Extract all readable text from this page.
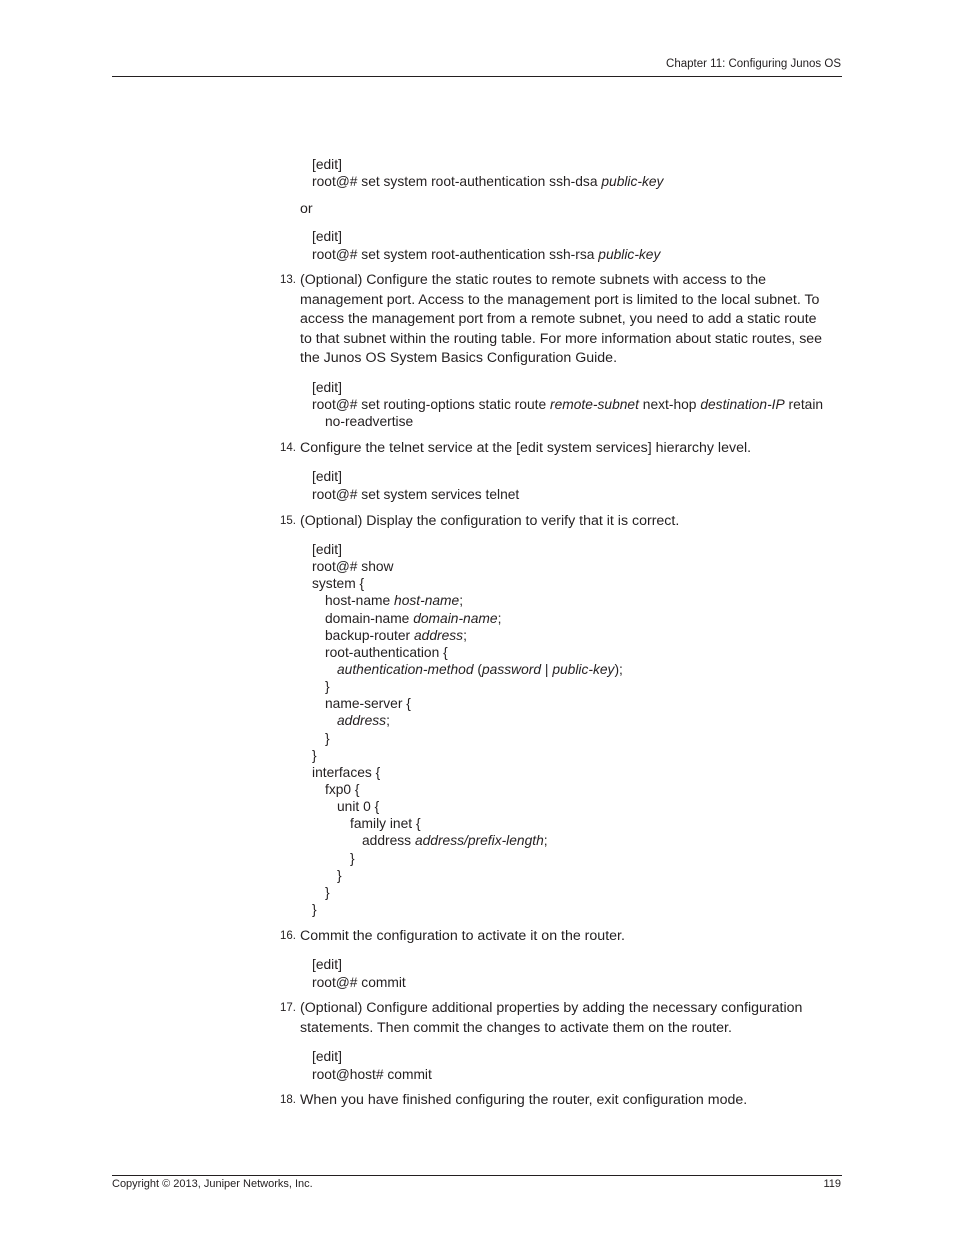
Chapter 11: Configuring Junos OS
[edit]
root@# set system root-authentication ssh-dsa public-key
or
[edit]
root@# set system root-authentication ssh-rsa public-key
13. (Optional) Configure the static routes to remote subnets with access to the
management port. Access to the management port is limited to the local subnet. To
access the management port from a remote subnet, you need to add a static route
to that subnet within the routing table. For more information about static routes, see
the Junos OS System Basics Configuration Guide.
[edit]
root@# set routing-options static route remote-subnet next-hop destination-IP retain
no-readvertise
14. Configure the telnet service at the [edit system services] hierarchy level.
[edit]
root@# set system services telnet
15. (Optional) Display the configuration to verify that it is correct.
[edit]
root@# show
system {
host-name host-name;
domain-name domain-name;
backup-router address;
root-authentication {
authentication-method (password | public-key);
}
name-server {
address;
}
}
interfaces {
fxp0 {
unit 0 {
family inet {
address address/prefix-length;
}
}
}
}
16. Commit the configuration to activate it on the router.
[edit]
root@# commit
17. (Optional) Configure additional properties by adding the necessary configuration
statements. Then commit the changes to activate them on the router.
[edit]
root@host# commit
18. When you have finished configuring the router, exit configuration mode.
Copyright © 2013, Juniper Networks, Inc.	119
